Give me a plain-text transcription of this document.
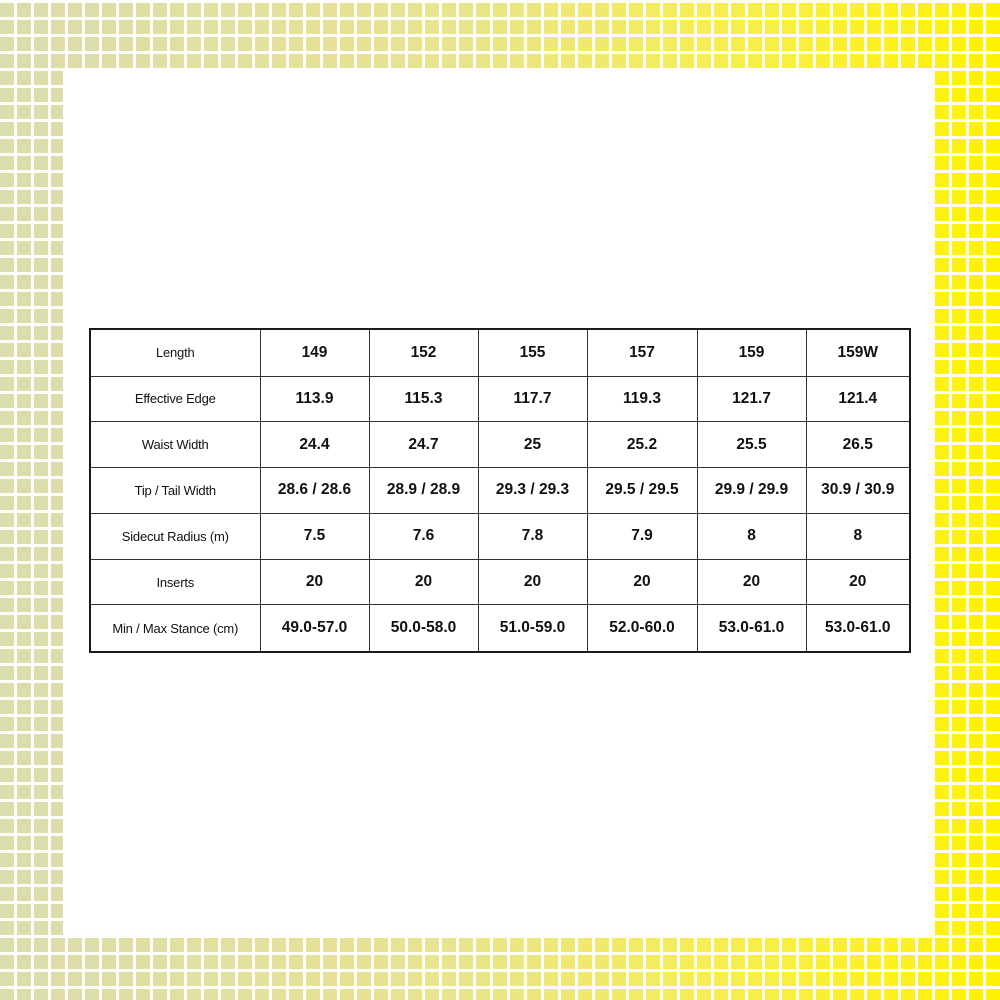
Length	149	152	155	157	159	159W
Effective Edge	113.9	115.3	117.7	119.3	121.7	121.4
Waist Width	24.4	24.7	25	25.2	25.5	26.5
Tip / Tail Width	28.6 / 28.6	28.9 / 28.9	29.3 / 29.3	29.5 / 29.5	29.9 / 29.9	30.9 / 30.9
Sidecut Radius (m)	7.5	7.6	7.8	7.9	8	8
Inserts	20	20	20	20	20	20
Min / Max Stance (cm)	49.0-57.0	50.0-58.0	51.0-59.0	52.0-60.0	53.0-61.0	53.0-61.0
